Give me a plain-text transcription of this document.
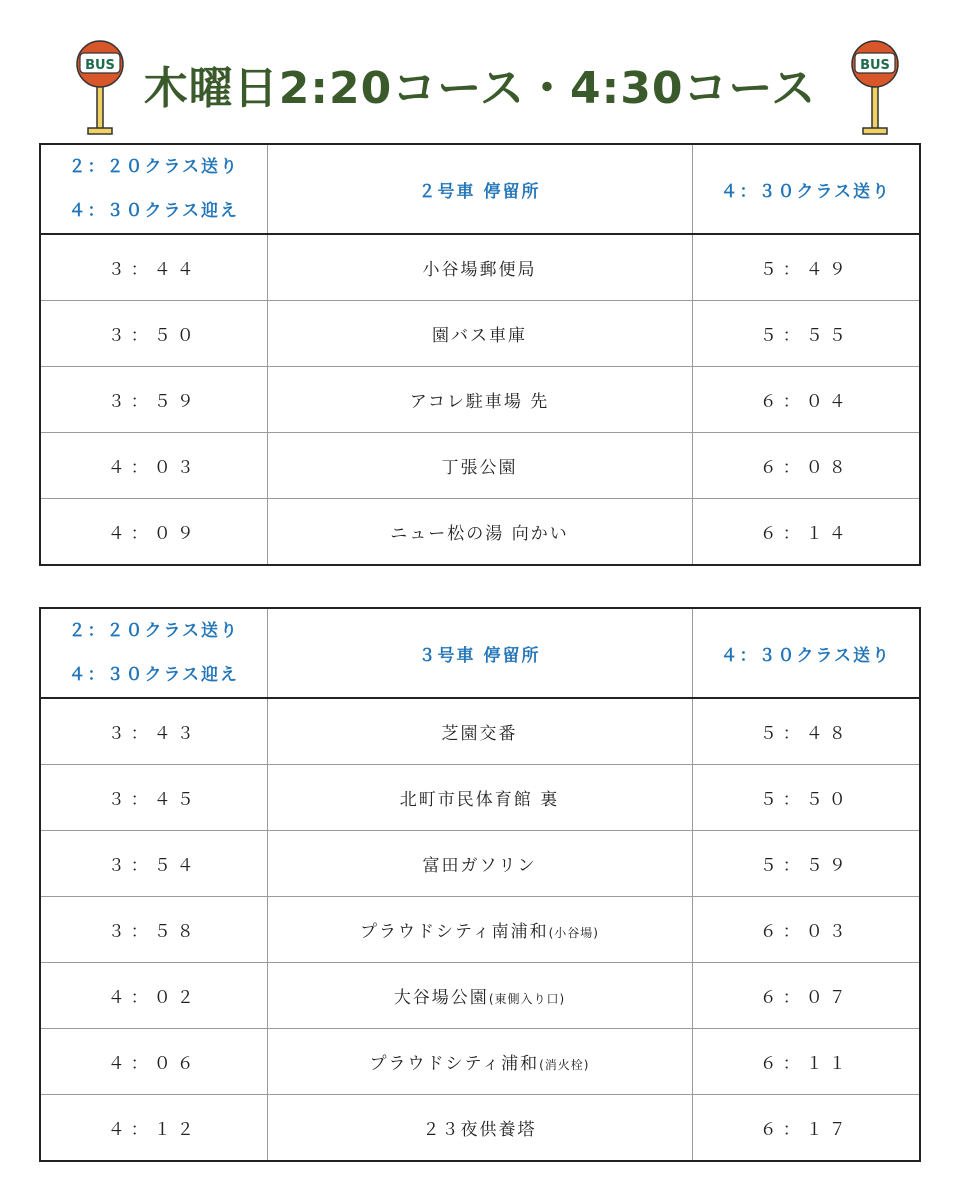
BUS 木曜日2:20コース・4:30コース	BUS
２：２０クラス送り
４：３０クラス迎え	２号車 停留所	４：３０クラス送り
３：４４	小谷場郵便局	５：４９
３：５０	園バス車庫	５：５５
３：５９	アコレ駐車場 先	６：０４
４：０３	丁張公園	６：０８
４：０９	ニュー松の湯 向かい	６：１４
２：２０クラス送り
４：３０クラス迎え	３号車 停留所	４：３０クラス送り
３：４３	芝園交番	５：４８
３：４５	北町市民体育館 裏	５：５０
３：５４	富田ガソリン	５：５９
３：５８	プラウドシティ南浦和(小谷場)	６：０３
４：０２	大谷場公園(東側入り口)	６：０７
４：０６	プラウドシティ浦和(消火栓)	６：１１
４：１２	２３夜供養塔	６：１７
